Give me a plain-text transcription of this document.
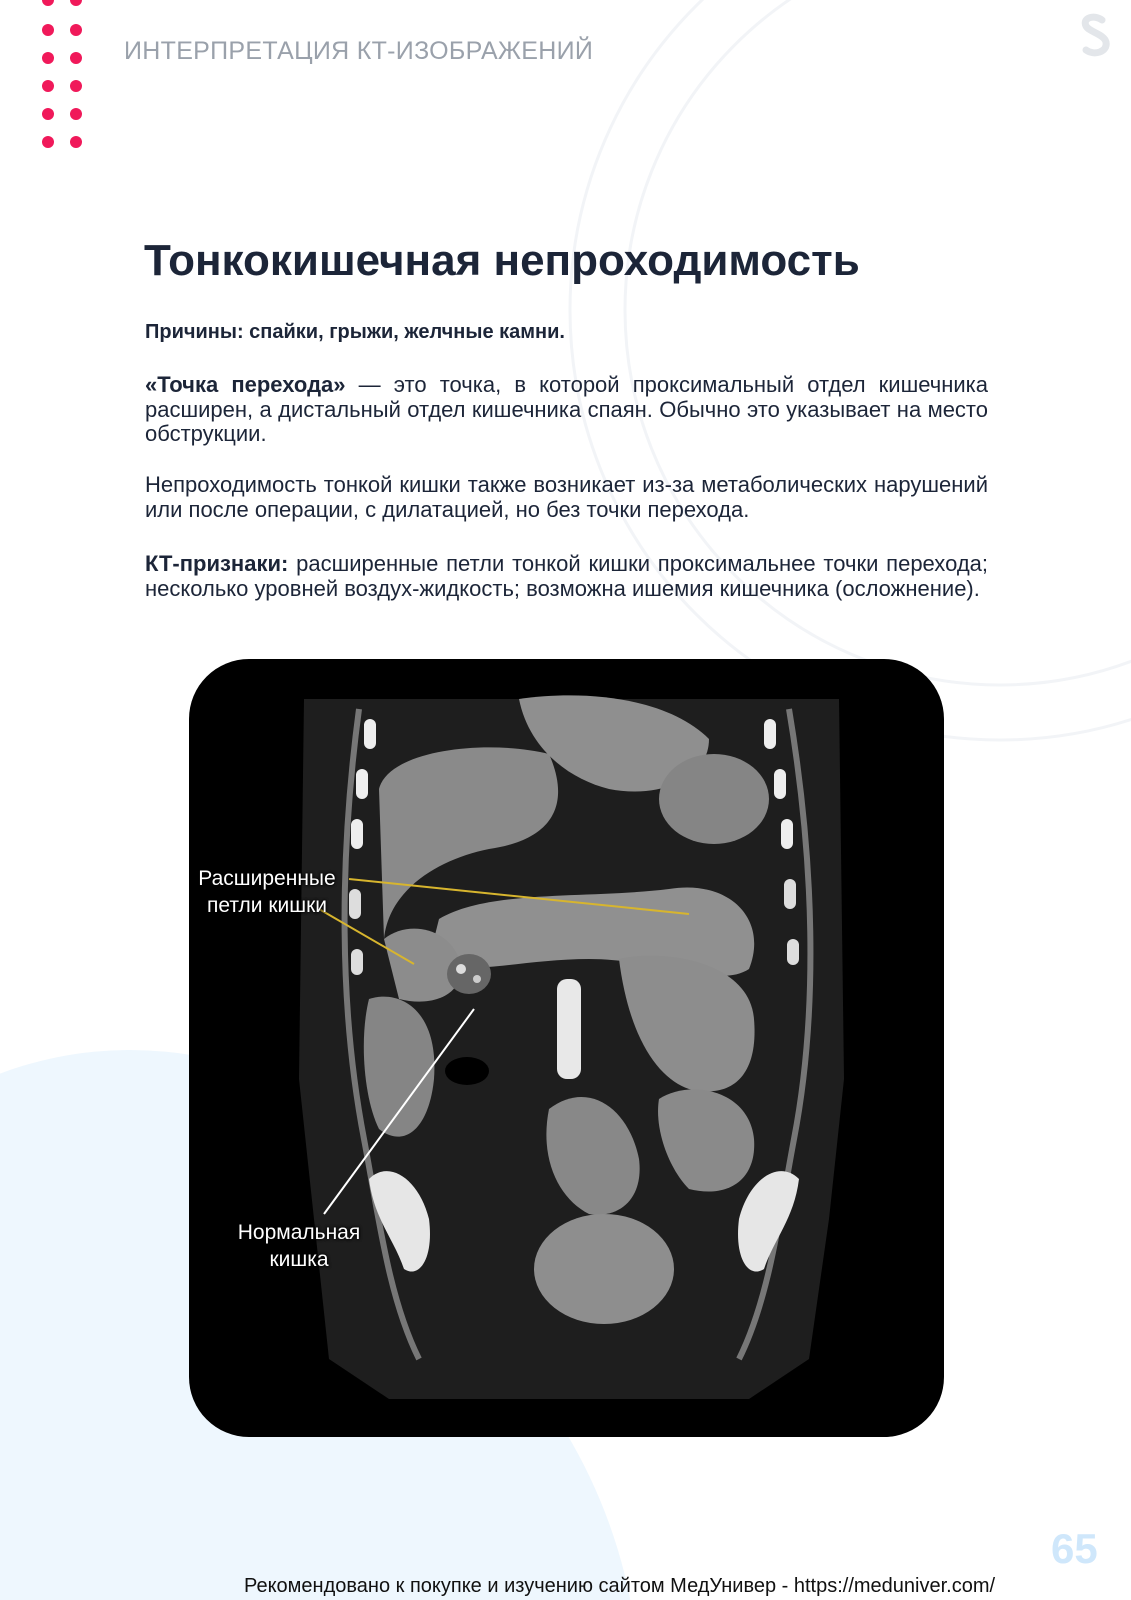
ИНТЕРПРЕТАЦИЯ КТ-ИЗОБРАЖЕНИЙ
Тонкокишечная непроходимость
Причины: спайки, грыжи, желчные камни.
«Точка перехода» — это точка, в которой проксимальный отдел кишечника расширен, а дистальный отдел кишечника спаян. Обычно это указывает на место обструкции.
Непроходимость тонкой кишки также возникает из-за метаболических нарушений или после операции, с дилатацией, но без точки перехода.
КТ-признаки: расширенные петли тонкой кишки проксимальнее точки перехода; несколько уровней воздух-жидкость; возможна ишемия кишечника (осложнение).
Расширенные петли кишки
Нормальная кишка
65
Рекомендовано к покупке и изучению сайтом МедУнивер - https://meduniver.com/
